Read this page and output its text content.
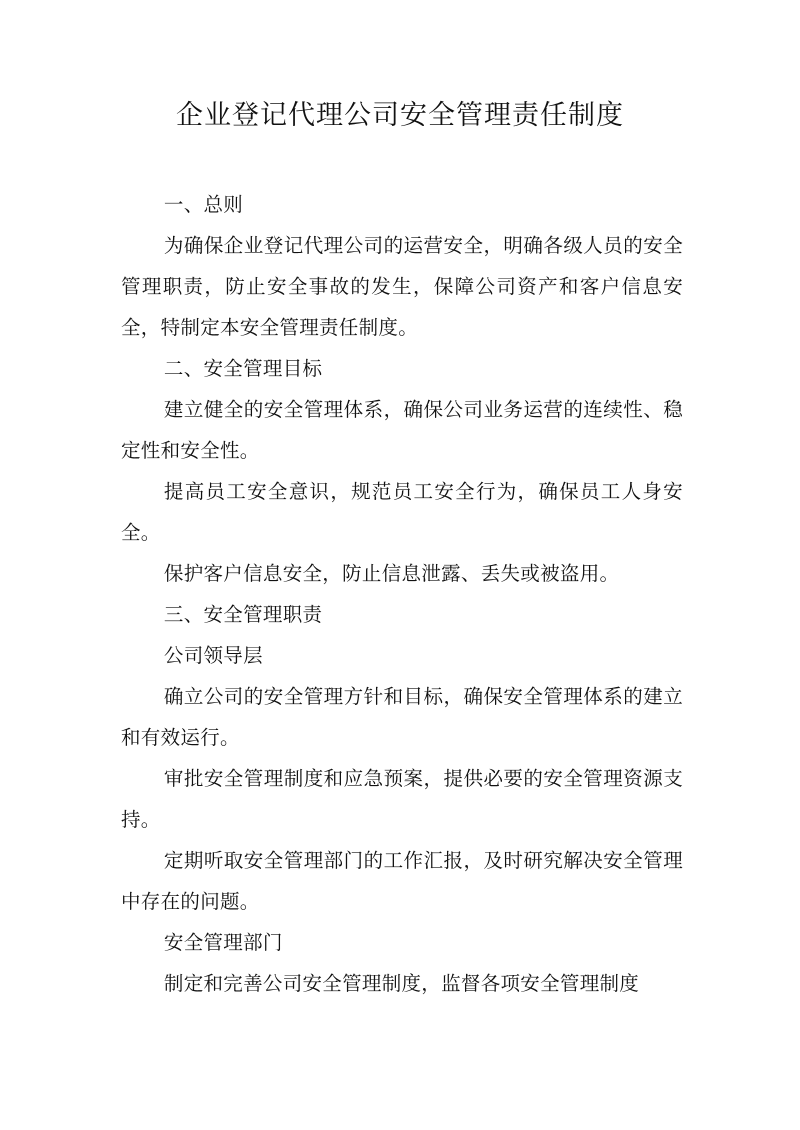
企业登记代理公司安全管理责任制度

一、总则

为确保企业登记代理公司的运营安全，明确各级人员的安全管理职责，防止安全事故的发生，保障公司资产和客户信息安全，特制定本安全管理责任制度。

二、安全管理目标

建立健全的安全管理体系，确保公司业务运营的连续性、稳定性和安全性。

提高员工安全意识，规范员工安全行为，确保员工人身安全。

保护客户信息安全，防止信息泄露、丢失或被盗用。

三、安全管理职责

公司领导层

确立公司的安全管理方针和目标，确保安全管理体系的建立和有效运行。

审批安全管理制度和应急预案，提供必要的安全管理资源支持。

定期听取安全管理部门的工作汇报，及时研究解决安全管理中存在的问题。

安全管理部门

制定和完善公司安全管理制度，监督各项安全管理制度
